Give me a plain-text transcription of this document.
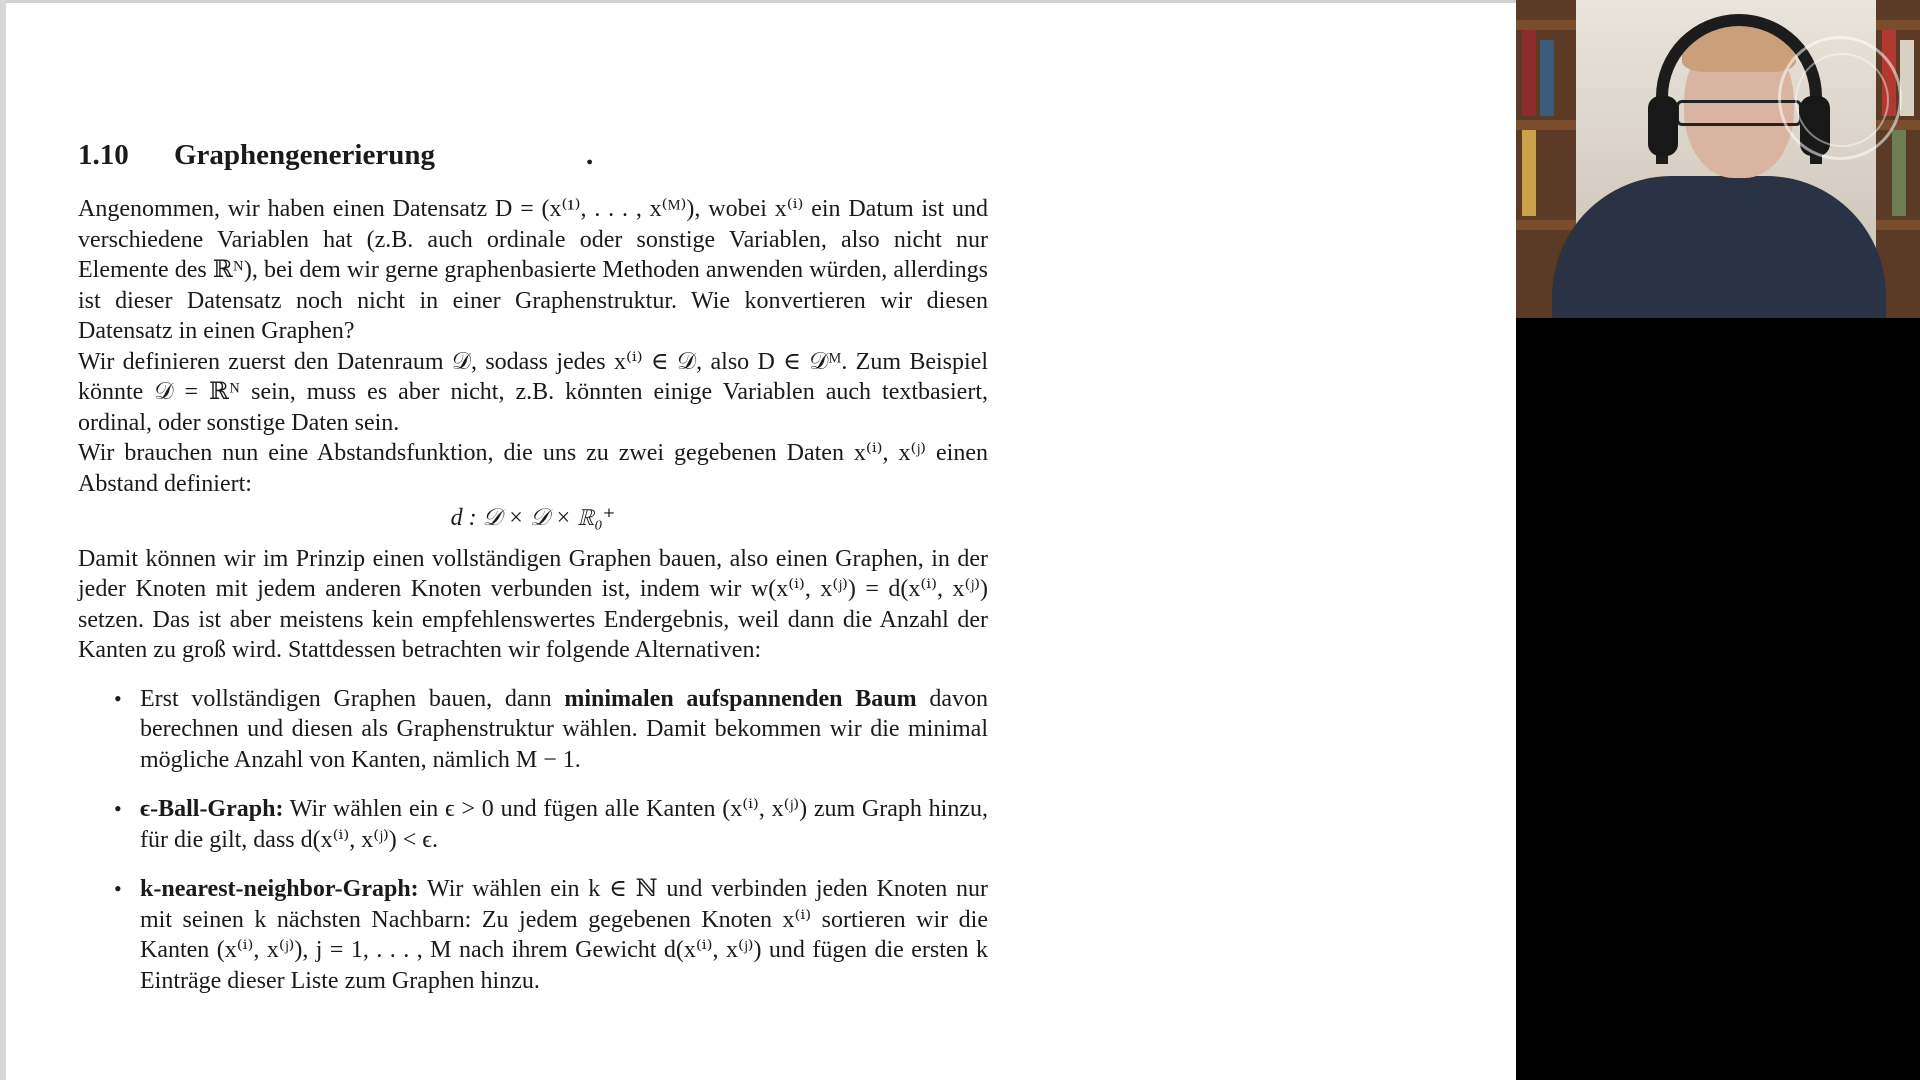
1.10 Graphengenerierung	.

Angenommen, wir haben einen Datensatz D = (x⁽¹⁾, . . . , x⁽ᴹ⁾), wobei x⁽ⁱ⁾ ein Datum ist und verschiedene Variablen hat (z.B. auch ordinale oder sonstige Variablen, also nicht nur Elemente des ℝᴺ), bei dem wir gerne graphenbasierte Methoden anwenden würden, allerdings ist dieser Datensatz noch nicht in einer Graphenstruktur. Wie konvertieren wir diesen Datensatz in einen Graphen?

Wir definieren zuerst den Datenraum 𝒟, sodass jedes x⁽ⁱ⁾ ∈ 𝒟, also D ∈ 𝒟ᴹ. Zum Beispiel könnte 𝒟 = ℝᴺ sein, muss es aber nicht, z.B. könnten einige Variablen auch textbasiert, ordinal, oder sonstige Daten sein.

Wir brauchen nun eine Abstandsfunktion, die uns zu zwei gegebenen Daten x⁽ⁱ⁾, x⁽ʲ⁾ einen Abstand definiert:

d : 𝒟 × 𝒟 × ℝ₀⁺

Damit können wir im Prinzip einen vollständigen Graphen bauen, also einen Graphen, in der jeder Knoten mit jedem anderen Knoten verbunden ist, indem wir w(x⁽ⁱ⁾, x⁽ʲ⁾) = d(x⁽ⁱ⁾, x⁽ʲ⁾) setzen. Das ist aber meistens kein empfehlenswertes Endergebnis, weil dann die Anzahl der Kanten zu groß wird. Stattdessen betrachten wir folgende Alternativen:

• Erst vollständigen Graphen bauen, dann minimalen aufspannenden Baum davon berechnen und diesen als Graphenstruktur wählen. Damit bekommen wir die minimal mögliche Anzahl von Kanten, nämlich M − 1.
• ϵ-Ball-Graph: Wir wählen ein ϵ > 0 und fügen alle Kanten (x⁽ⁱ⁾, x⁽ʲ⁾) zum Graph hinzu, für die gilt, dass d(x⁽ⁱ⁾, x⁽ʲ⁾) < ϵ.
• k-nearest-neighbor-Graph: Wir wählen ein k ∈ ℕ und verbinden jeden Knoten nur mit seinen k nächsten Nachbarn: Zu jedem gegebenen Knoten x⁽ⁱ⁾ sortieren wir die Kanten (x⁽ⁱ⁾, x⁽ʲ⁾), j = 1, . . . , M nach ihrem Gewicht d(x⁽ⁱ⁾, x⁽ʲ⁾) und fügen die ersten k Einträge dieser Liste zum Graphen hinzu.
